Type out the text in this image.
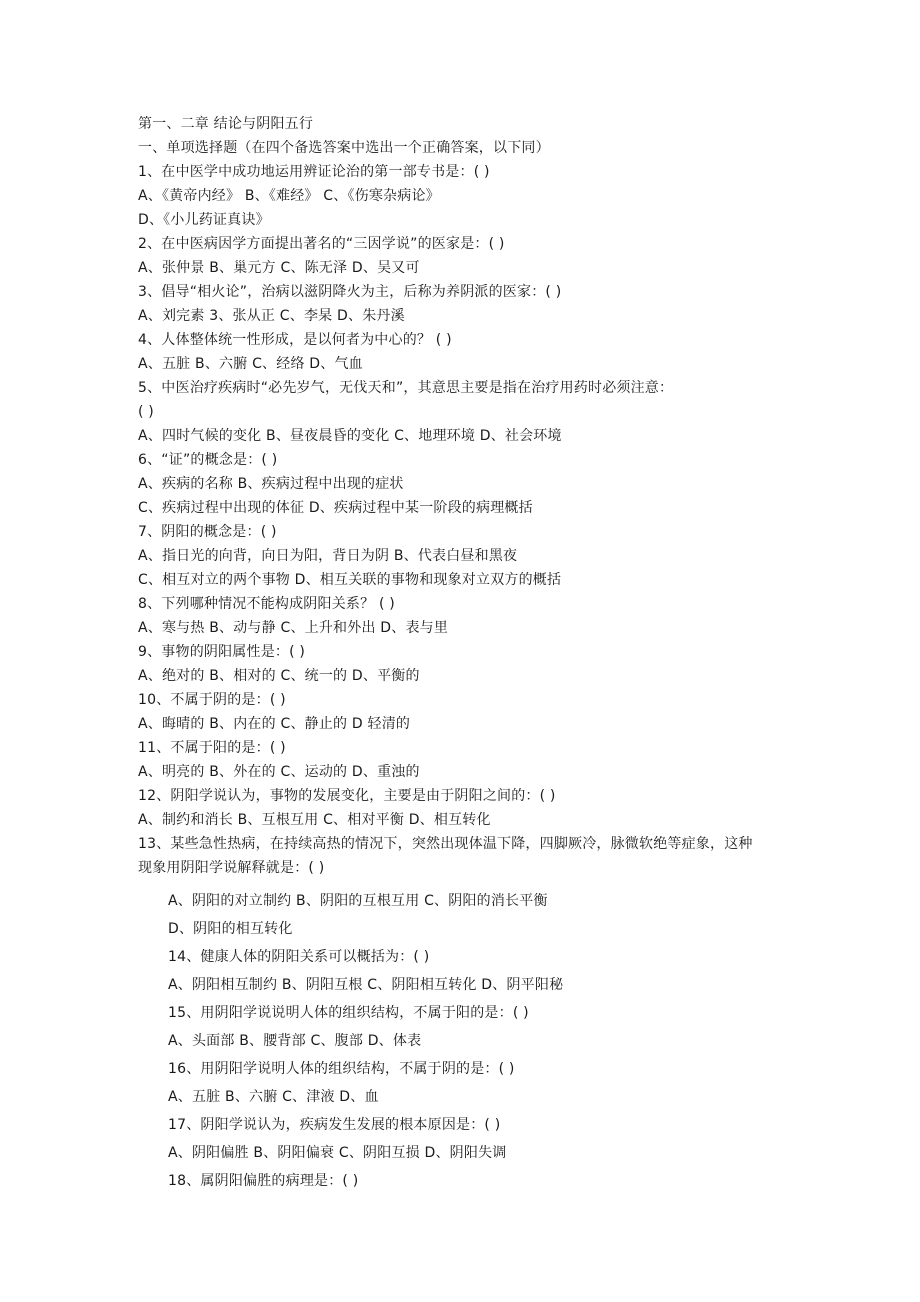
第一、二章 结论与阴阳五行
一、单项选择题（在四个备选答案中选出一个正确答案，以下同）
1、在中医学中成功地运用辨证论治的第一部专书是：( )
A、《黄帝内经》 B、《难经》 C、《伤寒杂病论》
D、《小儿药证真诀》
2、在中医病因学方面提出著名的“三因学说”的医家是：( )
A、张仲景 B、巢元方 C、陈无泽 D、吴又可
3、倡导“相火论”，治病以滋阴降火为主，后称为养阴派的医家：( )
A、刘完素 3、张从正 C、李杲 D、朱丹溪
4、人体整体统一性形成，是以何者为中心的？ ( )
A、五脏 B、六腑 C、经络 D、气血
5、中医治疗疾病时“必先岁气，无伐天和”，其意思主要是指在治疗用药时必须注意：
( )
A、四时气候的变化 B、昼夜晨昏的变化 C、地理环境 D、社会环境
6、“证”的概念是：( )
A、疾病的名称 B、疾病过程中出现的症状
C、疾病过程中出现的体征 D、疾病过程中某一阶段的病理概括
7、阴阳的概念是：( )
A、指日光的向背，向日为阳，背日为阴 B、代表白昼和黑夜
C、相互对立的两个事物 D、相互关联的事物和现象对立双方的概括
8、下列哪种情况不能构成阴阳关系？ ( )
A、寒与热 B、动与静 C、上升和外出 D、表与里
9、事物的阴阳属性是：( )
A、绝对的 B、相对的 C、统一的 D、平衡的
10、不属于阴的是：( )
A、晦晴的 B、内在的 C、静止的 D 轻清的
11、不属于阳的是：( )
A、明亮的 B、外在的 C、运动的 D、重浊的
12、阴阳学说认为，事物的发展变化，主要是由于阴阳之间的：( )
A、制约和消长 B、互根互用 C、相对平衡 D、相互转化
13、某些急性热病，在持续高热的情况下，突然出现体温下降，四脚厥冷，脉微软绝等症象，这种现象用阴阳学说解释就是：( )
A、阴阳的对立制约 B、阴阳的互根互用 C、阴阳的消长平衡
D、阴阳的相互转化
14、健康人体的阴阳关系可以概括为：( )
A、阴阳相互制约 B、阴阳互根 C、阴阳相互转化 D、阴平阳秘
15、用阴阳学说说明人体的组织结构，不属于阳的是：( )
A、头面部 B、腰背部 C、腹部 D、体表
16、用阴阳学说明人体的组织结构，不属于阴的是：( )
A、五脏 B、六腑 C、津液 D、血
17、阴阳学说认为，疾病发生发展的根本原因是：( )
A、阴阳偏胜 B、阴阳偏衰 C、阴阳互损 D、阴阳失调
18、属阴阳偏胜的病理是：( )
